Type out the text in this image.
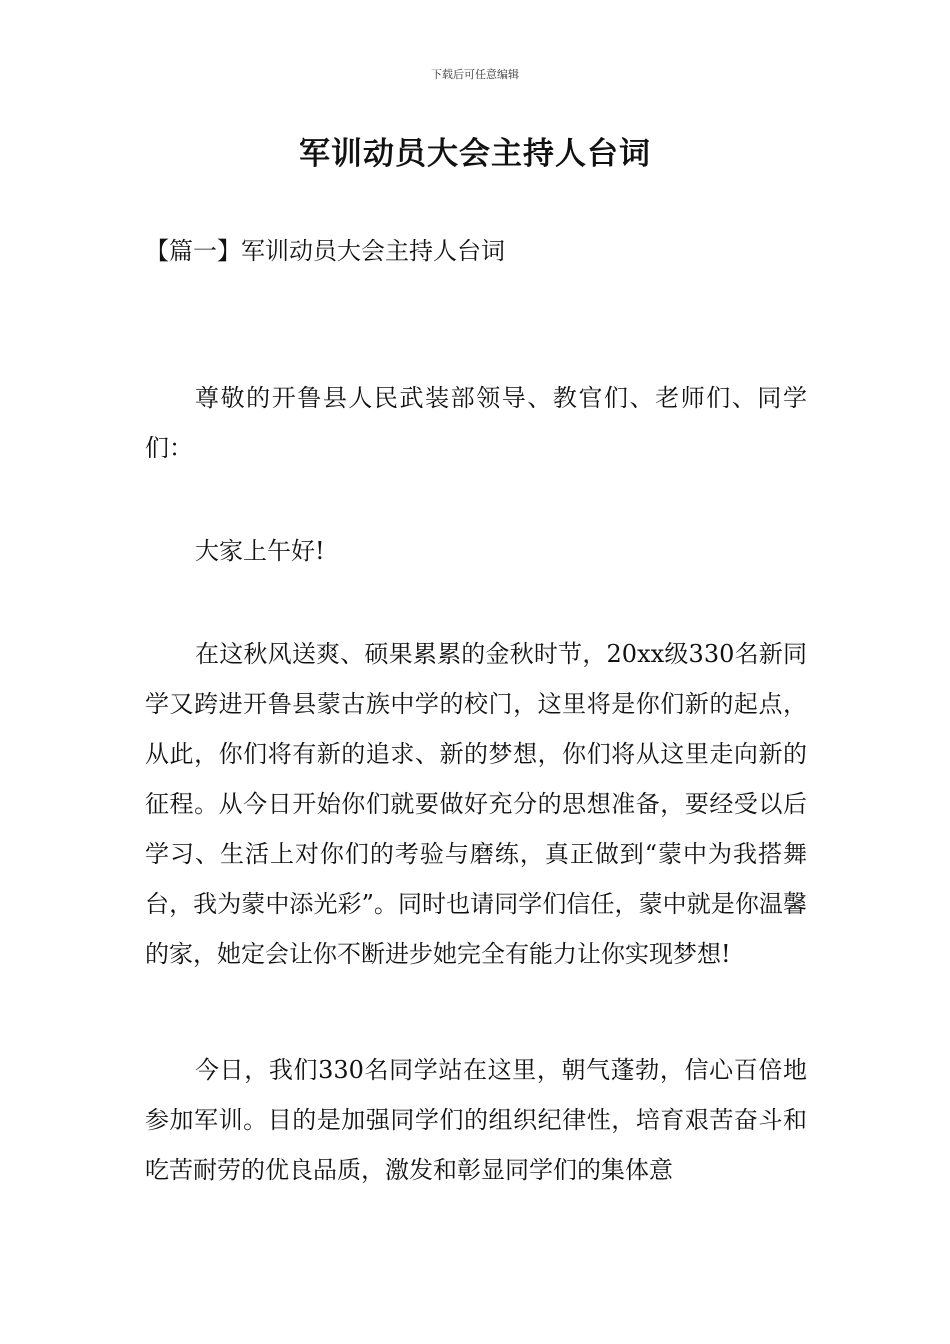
下载后可任意编辑
军训动员大会主持人台词
【篇一】军训动员大会主持人台词

尊敬的开鲁县人民武装部领导、教官们、老师们、同学们：

大家上午好!

在这秋风送爽、硕果累累的金秋时节，20xx级330名新同学又跨进开鲁县蒙古族中学的校门，这里将是你们新的起点，从此，你们将有新的追求、新的梦想，你们将从这里走向新的征程。从今日开始你们就要做好充分的思想准备，要经受以后学习、生活上对你们的考验与磨练，真正做到“蒙中为我搭舞台，我为蒙中添光彩”。同时也请同学们信任，蒙中就是你温馨的家，她定会让你不断进步她完全有能力让你实现梦想!

今日，我们330名同学站在这里，朝气蓬勃，信心百倍地参加军训。目的是加强同学们的组织纪律性，培育艰苦奋斗和吃苦耐劳的优良品质，激发和彰显同学们的集体意
